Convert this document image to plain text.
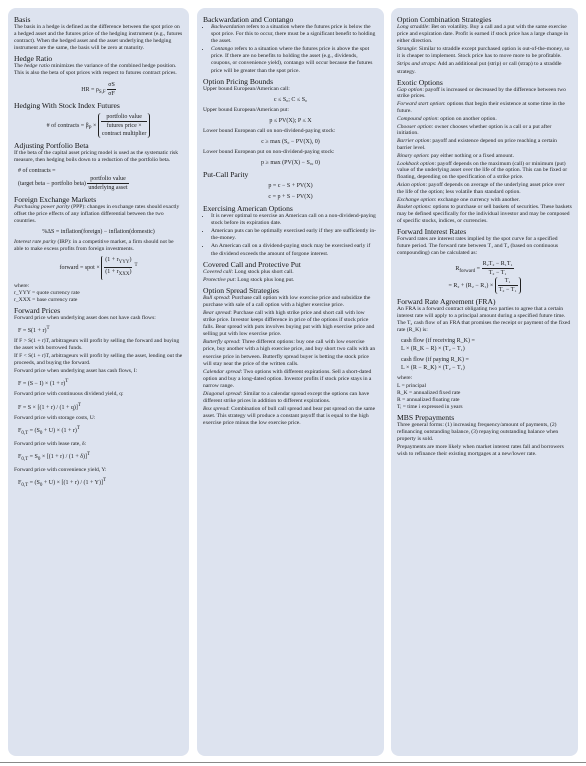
Basis

The basis in a hedge is defined as the difference between the spot price on a hedged asset and the futures price of the hedging instrument (e.g., futures contract). When the hedged asset and the asset underlying the hedging instrument are the same, the basis will be zero at maturity.

Hedge Ratio

The hedge ratio minimizes the variance of the combined hedge position. This is also the beta of spot prices with respect to futures contract prices.

HR = $\rho_{S,F} \frac{\sigma S}{\sigma F}$
Hedging With Stock Index Futures
# of contracts = $\beta_P$ ×
portfolio value
futures price ×
contract multiplier
Adjusting Portfolio Beta

If the beta of the capital asset pricing model is used as the systematic risk measure, then hedging boils down to a reduction of the portfolio beta.

# of contracts =
(target beta − portfolio beta) $\frac{\text{portfolio value}}{\text{underlying asset}}$
Foreign Exchange Markets

Purchasing power parity (PPP): changes in exchange rates should exactly offset the price effects of any inflation differential between the two countries.

%ΔS = inflation(foreign) − inflation(domestic)

Interest rate parity (IRP): in a competitive market, a firm should not be able to make excess profits from foreign investments.

forward = spot × $\frac{(1 + r_{YYY})}{(1 + r_{XXX})} ^T$
where:
r_YYY = quote currency rate
r_XXX = base currency rate
Forward Prices

Forward price when underlying asset does not have cash flows:

$F = S(1 + r)^T$

If F > S(1 + r)T, arbitrageurs will profit by selling the forward and buying the asset with borrowed funds.

If F < S(1 + r)T, arbitrageurs will profit by selling the asset, lending out the proceeds, and buying the forward.

Forward price when underlying asset has cash flows, I:

$F = (S - I) \times (1 + r)^T$

Forward price with continuous dividend yield, q:

$F = S \times [(1 + r) / (1 + q)]^T$

Forward price with storage costs, U:

$F_{0,T} = (S_0 + U) \times (1 + r)^T$

Forward price with lease rate, δ:

$F_{0,T} = S_0 \times [(1 + r) / (1 + \delta)]^T$

Forward price with convenience yield, Y:

$F_{0,T} = (S_0 + U) \times [(1 + r) / (1 + Y)]^T$
Backwardation and Contango
• Backwardation refers to a situation where the futures price is below the spot price. For this to occur, there must be a significant benefit to holding the asset.
• Contango refers to a situation where the futures price is above the spot price. If there are no benefits to holding the asset (e.g., dividends, coupons, or convenience yield), contango will occur because the futures price will be greater than the spot price.
Option Pricing Bounds

Upper bound European/American call:

c ≤ S₀; C ≤ S₀

Upper bound European/American put:

p ≤ PV(X); P ≤ X

Lower bound European call on non-dividend-paying stock:

c ≥ max (S₀ − PV(X), 0)

Lower bound European put on non-dividend-paying stock:

p ≥ max (PV(X) − S₀, 0)
Put-Call Parity
p = c − S + PV(X)
c = p + S − PV(X)
Exercising American Options
• It is never optimal to exercise an American call on a non-dividend-paying stock before its expiration date.
• American puts can be optimally exercised early if they are sufficiently in-the-money.
• An American call on a dividend-paying stock may be exercised early if the dividend exceeds the amount of forgone interest.
Covered Call and Protective Put

Covered call: Long stock plus short call.

Protective put: Long stock plus long put.

Option Spread Strategies

Bull spread: Purchase call option with low exercise price and subsidize the purchase with sale of a call option with a higher exercise price.

Bear spread: Purchase call with high strike price and short call with low strike price. Investor keeps difference in price of the options if stock price falls. Bear spread with puts involves buying put with high exercise price and selling put with low exercise price.

Butterfly spread: Three different options: buy one call with low exercise price, buy another with a high exercise price, and buy short two calls with an exercise price in between. Butterfly spread buyer is betting the stock price will stay near the price of the written calls.

Calendar spread: Two options with different expirations. Sell a short-dated option and buy a long-dated option. Investor profits if stock price stays in a narrow range.

Diagonal spread: Similar to a calendar spread except the options can have different strike prices in addition to different expirations.

Box spread: Combination of bull call spread and bear put spread on the same asset. This strategy will produce a constant payoff that is equal to the high exercise price minus the low exercise price.

Option Combination Strategies

Long straddle: Bet on volatility. Buy a call and a put with the same exercise price and expiration date. Profit is earned if stock price has a large change in either direction.

Strangle: Similar to straddle except purchased option is out-of-the-money, so it is cheaper to implement. Stock price has to move more to be profitable.

Strips and straps: Add an additional put (strip) or call (strap) to a straddle strategy.

Exotic Options

Gap option: payoff is increased or decreased by the difference between two strike prices.

Forward start option: options that begin their existence at some time in the future.

Compound option: option on another option.

Chooser option: owner chooses whether option is a call or a put after initiation.

Barrier option: payoff and existence depend on price reaching a certain barrier level.

Binary option: pay either nothing or a fixed amount.

Lookback option: payoff depends on the maximum (call) or minimum (put) value of the underlying asset over the life of the option. This can be fixed or floating, depending on the specification of a strike price.

Asian option: payoff depends on average of the underlying asset price over the life of the option; less volatile than standard option.

Exchange option: exchange one currency with another.

Basket options: options to purchase or sell baskets of securities. These baskets may be defined specifically for the individual investor and may be composed of specific stocks, indices, or currencies.

Forward Interest Rates

Forward rates are interest rates implied by the spot curve for a specified future period. The forward rate between T₁ and T₂ (based on continuous compounding) can be calculated as:

$R_{forward} = \frac{\text{R₂T₂ − R₁T₁}}{\text{T₂ − T₁}}$
= $R_2 + (R_2 - R_1) \times \frac{\text{T₁}}{\text{T₂ − T₁}}$
Forward Rate Agreement (FRA)

An FRA is a forward contract obligating two parties to agree that a certain interest rate will apply to a principal amount during a specified future time. The T₂ cash flow of an FRA that promises the receipt or payment of the fixed rate (R_K) is:

cash flow (if receiving R_K) =
L × (R_K − R) × (T₂ − T₁)
cash flow (if paying R_K) =
L × (R − R_K) × (T₂ − T₁)
where:
L = principal
R_K = annualized fixed rate
R = annualized floating rate
Tᵢ = time i expressed in years
MBS Prepayments

Three general forms: (1) increasing frequency/amount of payments, (2) refinancing outstanding balance, (3) repaying outstanding balance when property is sold.

Prepayments are more likely when market interest rates fall and borrowers wish to refinance their existing mortgages at a new/lower rate.
